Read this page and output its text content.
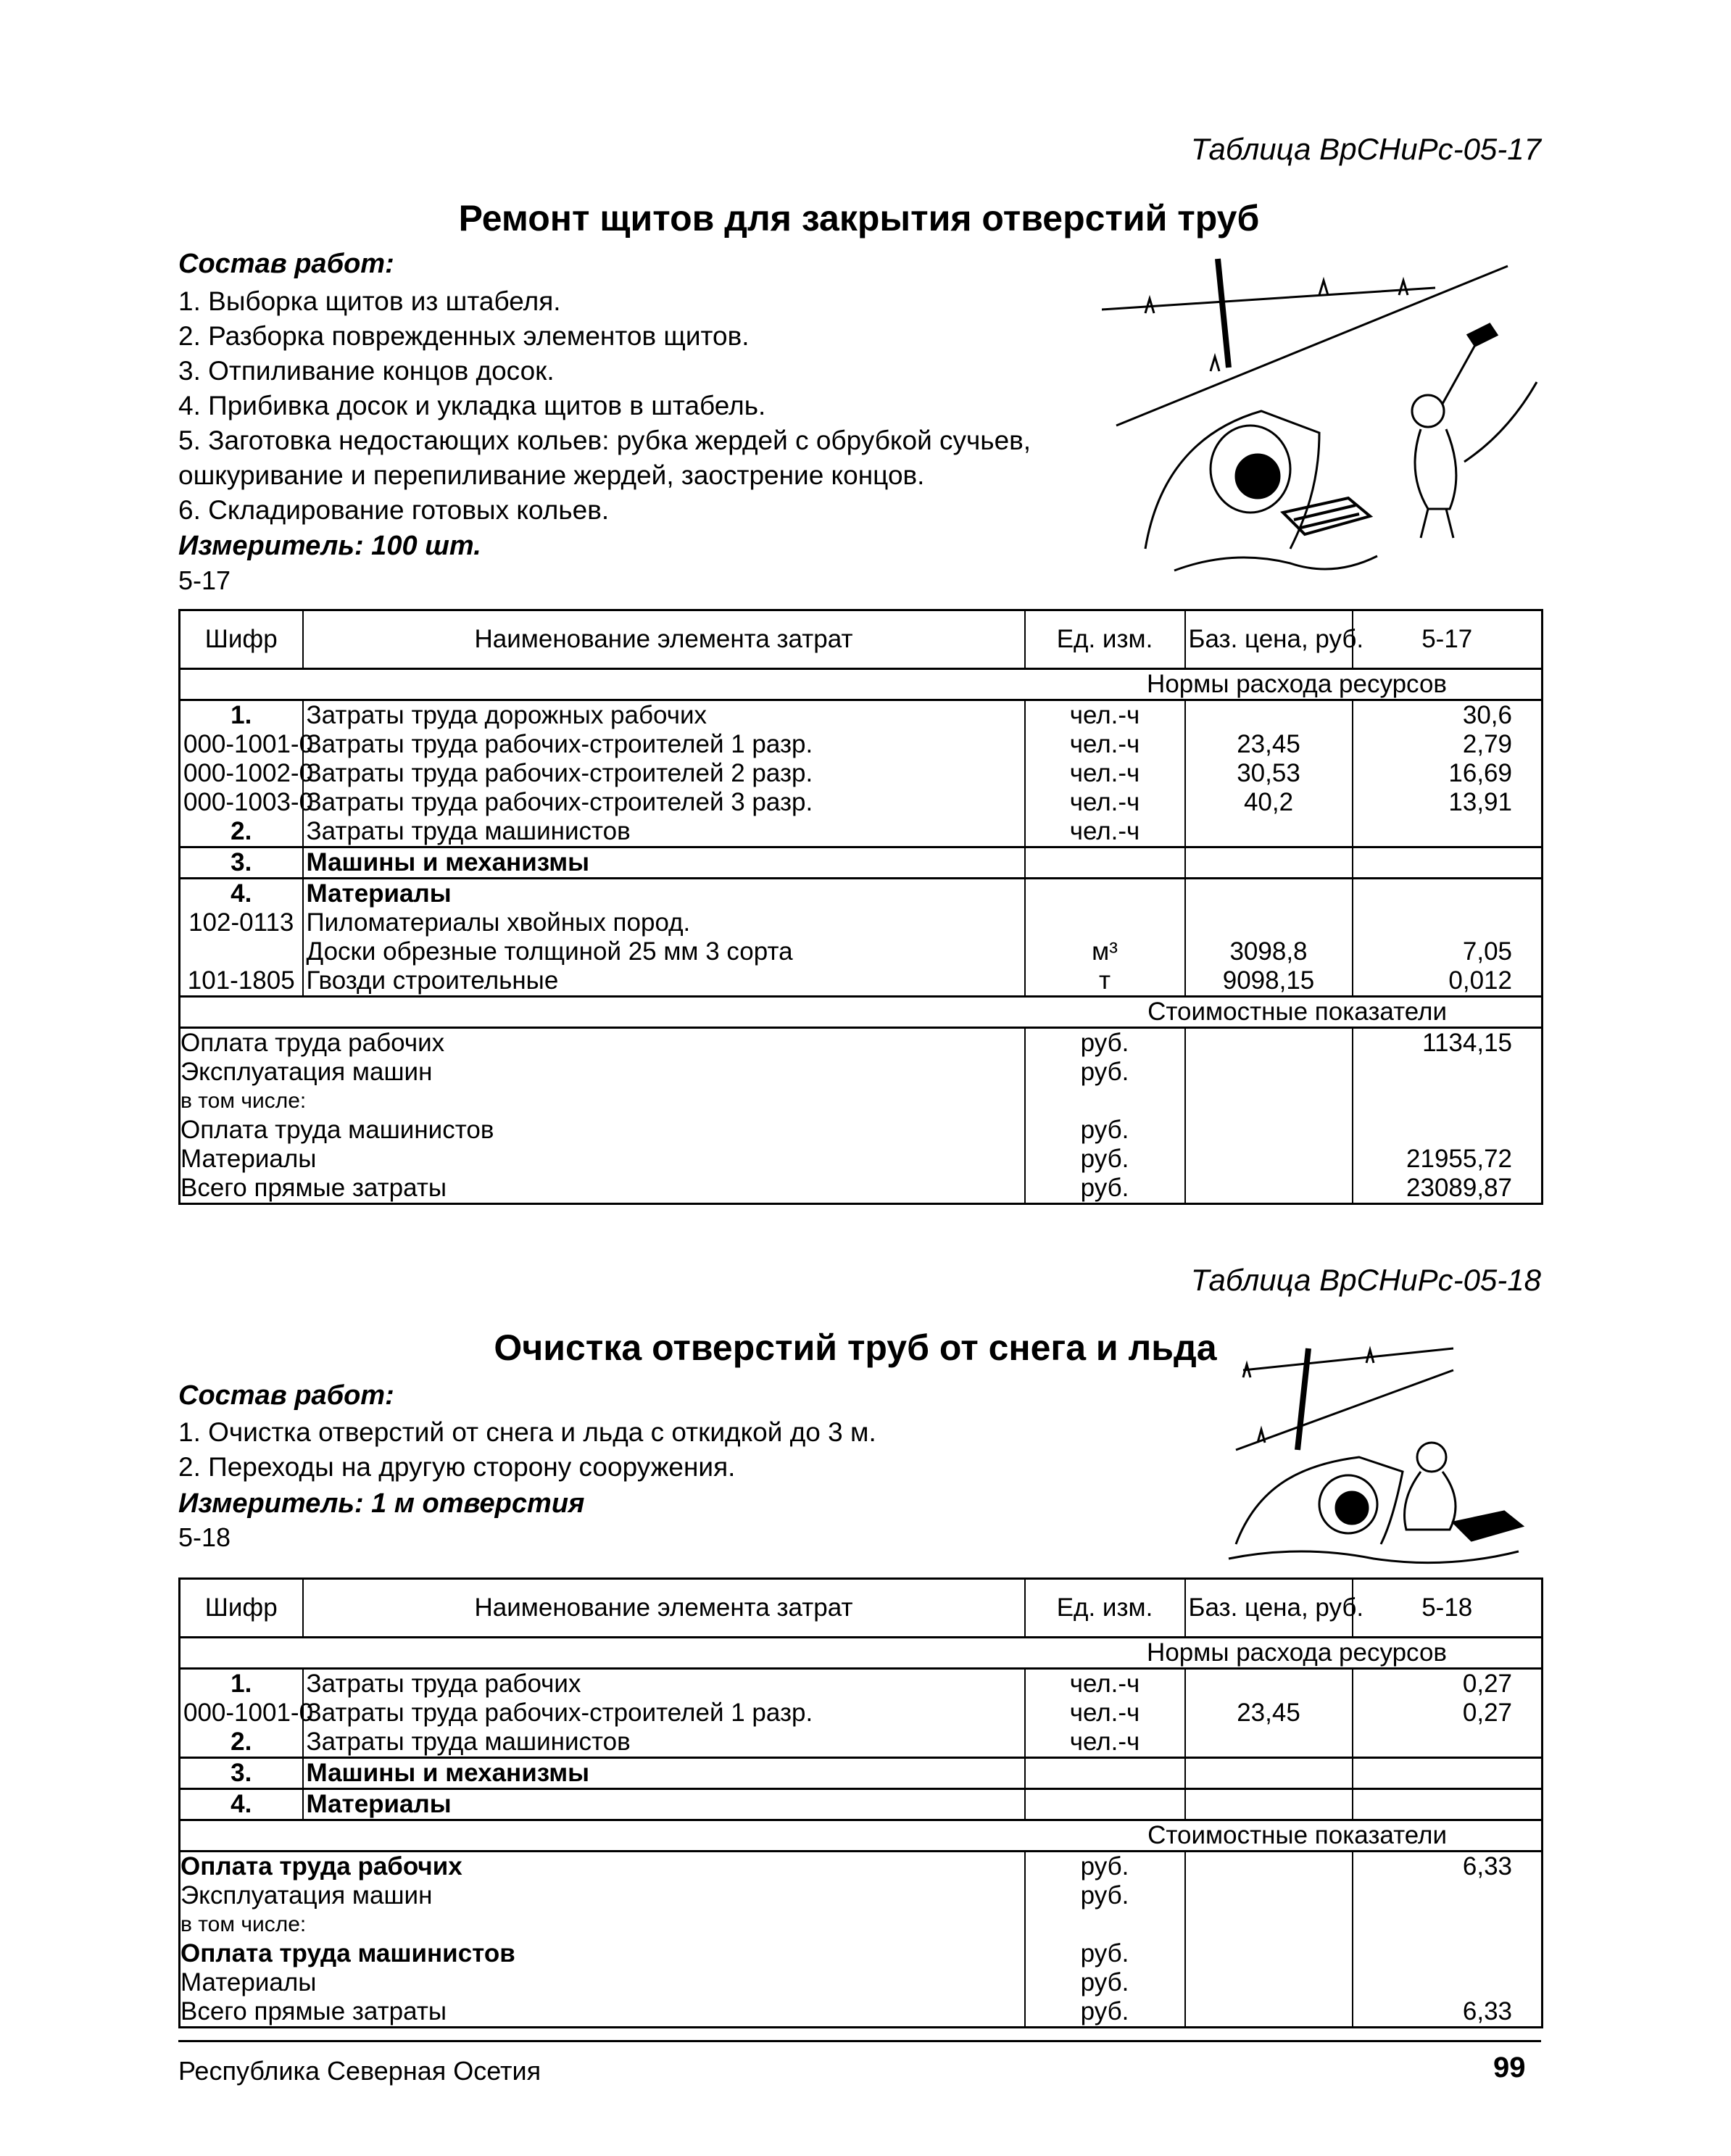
Таблица ВрСНиРс-05-17
Ремонт щитов для закрытия отверстий труб
Состав работ:
1. Выборка щитов из штабеля.
2. Разборка поврежденных элементов щитов.
3. Отпиливание концов досок.
4. Прибивка досок и укладка щитов в штабель.
5. Заготовка недостающих кольев: рубка жердей с обрубкой сучьев,
ошкуривание и перепиливание жердей, заострение концов.
6. Складирование готовых кольев.
Измеритель: 100 шт.
5-17
Шифр	Наименование элемента затрат	Ед. изм.	Баз. цена, руб.	5-17
Нормы расхода ресурсов				
1.	Затраты труда дорожных рабочих	чел.-ч		30,6
000-1001-0	Затраты труда рабочих-строителей 1 разр.	чел.-ч	23,45	2,79
000-1002-0	Затраты труда рабочих-строителей 2 разр.	чел.-ч	30,53	16,69
000-1003-0	Затраты труда рабочих-строителей 3 разр.	чел.-ч	40,2	13,91
2.	Затраты труда машинистов	чел.-ч		
3.	Машины и механизмы			
4.	Материалы			
102-0113	Пиломатериалы хвойных пород.			
	Доски обрезные толщиной 25 мм 3 сорта	м³	3098,8	7,05
101-1805	Гвозди строительные	т	9098,15	0,012
Стоимостные показатели				
Оплата труда рабочих		руб.		1134,15
Эксплуатация машин		руб.		
в том числе:				
Оплата труда машинистов		руб.		
Материалы		руб.		21955,72
Всего прямые затраты		руб.		23089,87
Таблица ВрСНиРс-05-18
Очистка отверстий труб от снега и льда
Состав работ:
1. Очистка отверстий от снега и льда с откидкой до 3 м.
2. Переходы на другую сторону сооружения.
Измеритель: 1 м отверстия
5-18
Шифр	Наименование элемента затрат	Ед. изм.	Баз. цена, руб.	5-18
Нормы расхода ресурсов				
1.	Затраты труда рабочих	чел.-ч		0,27
000-1001-0	Затраты труда рабочих-строителей 1 разр.	чел.-ч	23,45	0,27
2.	Затраты труда машинистов	чел.-ч		
3.	Машины и механизмы			
4.	Материалы			
Стоимостные показатели				
Оплата труда рабочих		руб.		6,33
Эксплуатация машин		руб.		
в том числе:				
Оплата труда машинистов		руб.		
Материалы		руб.		
Всего прямые затраты		руб.		6,33
Республика Северная Осетия	99
